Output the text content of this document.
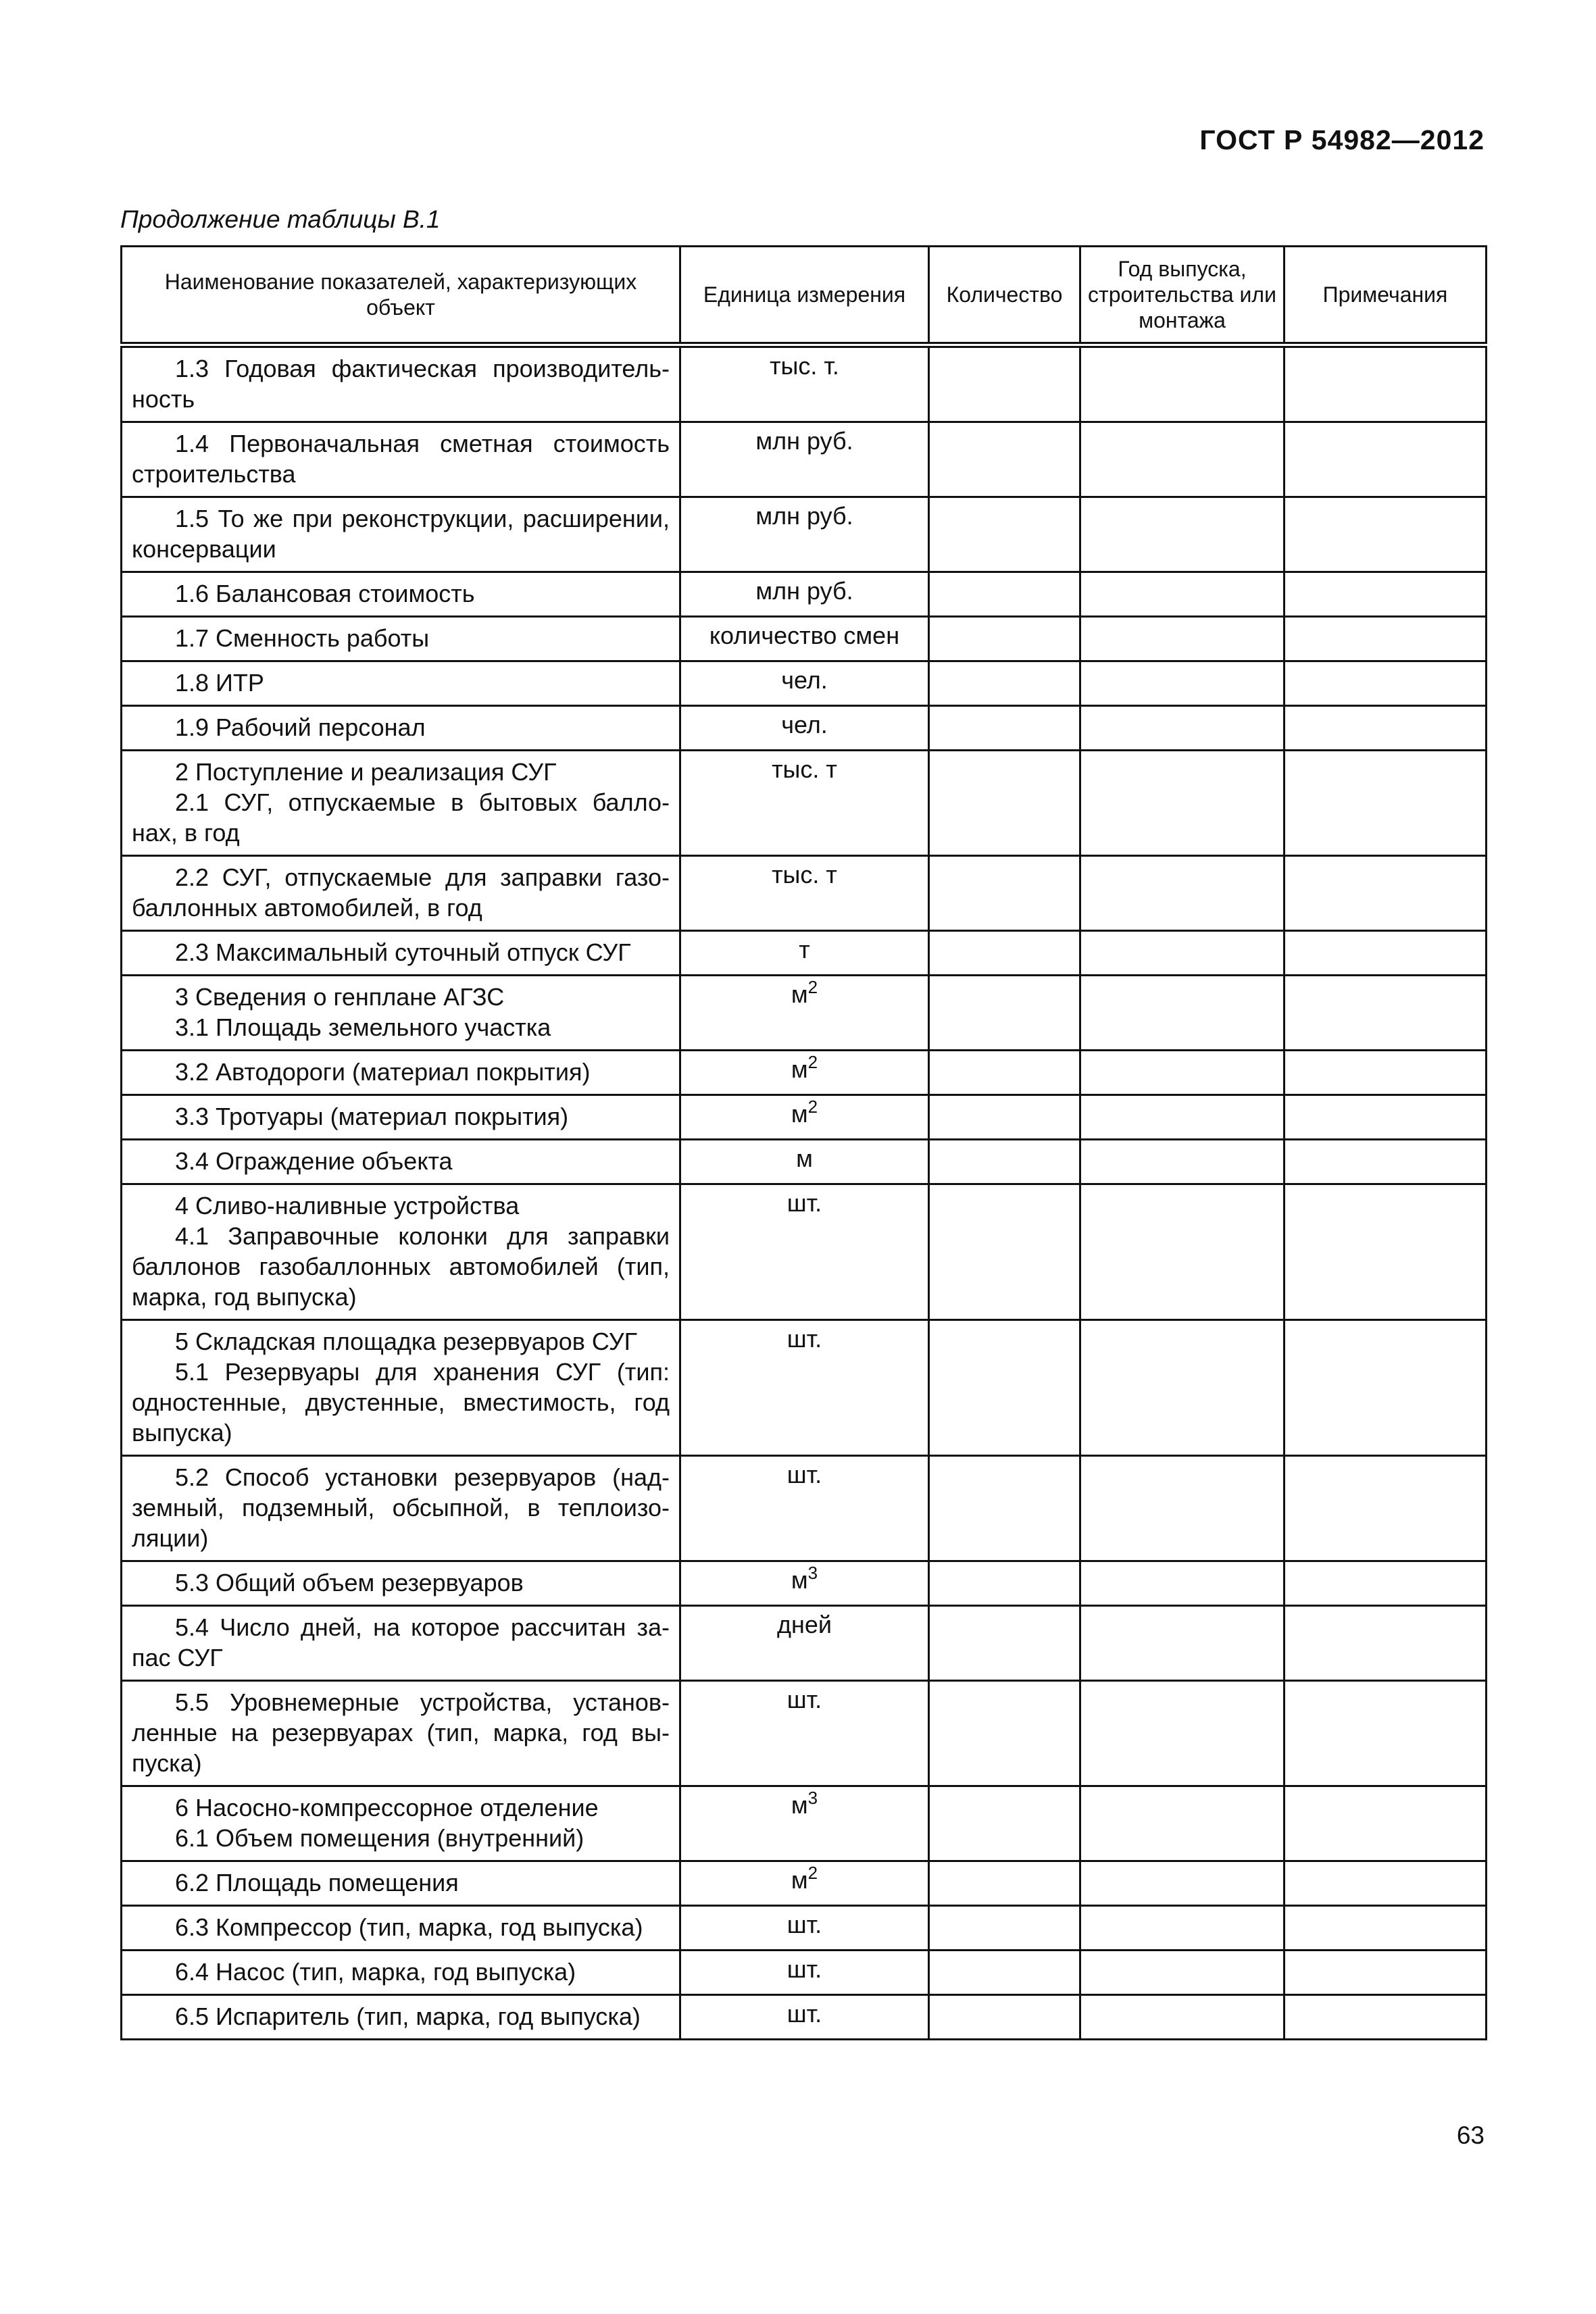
ГОСТ Р 54982—2012
Продолжение таблицы В.1
Наименование показателей, характеризующих объект	Единица измерения	Количество	Год выпуска, строительства или монтажа	Примечания

1.3 Годовая фактическая производитель-ность	тыс. т.			

1.4 Первоначальная сметная стоимость строительства	млн руб.			

1.5 То же при реконструкции, расширении, консервации	млн руб.			

1.6 Балансовая стоимость	млн руб.			

1.7 Сменность работы	количество смен			

1.8 ИТР	чел.			

1.9 Рабочий персонал	чел.			

2 Поступление и реализация СУГ
2.1 СУГ, отпускаемые в бытовых балло-нах, в год	тыс. т			

2.2 СУГ, отпускаемые для заправки газо-баллонных автомобилей, в год	тыс. т			

2.3 Максимальный суточный отпуск СУГ	т			

3 Сведения о генплане АГЗС
3.1 Площадь земельного участка	$м^2$			

3.2 Автодороги (материал покрытия)	$м^2$			

3.3 Тротуары (материал покрытия)	$м^2$			

3.4 Ограждение объекта	м			

4 Сливо-наливные устройства
4.1 Заправочные колонки для заправки баллонов газобаллонных автомобилей (тип, марка, год выпуска)	шт.			

5 Складская площадка резервуаров СУГ
5.1 Резервуары для хранения СУГ (тип: одностенные, двустенные, вместимость, год выпуска)	шт.			

5.2 Способ установки резервуаров (над-земный, подземный, обсыпной, в теплоизо-ляции)	шт.			

5.3 Общий объем резервуаров	$м^3$			

5.4 Число дней, на которое рассчитан за-пас СУГ	дней			

5.5 Уровнемерные устройства, установ-ленные на резервуарах (тип, марка, год вы-пуска)	шт.			

6 Насосно-компрессорное отделение
6.1 Объем помещения (внутренний)	$м^3$			

6.2 Площадь помещения	$м^2$			

6.3 Компрессор (тип, марка, год выпуска)	шт.			

6.4 Насос (тип, марка, год выпуска)	шт.			

6.5 Испаритель (тип, марка, год выпуска)	шт.			
63
